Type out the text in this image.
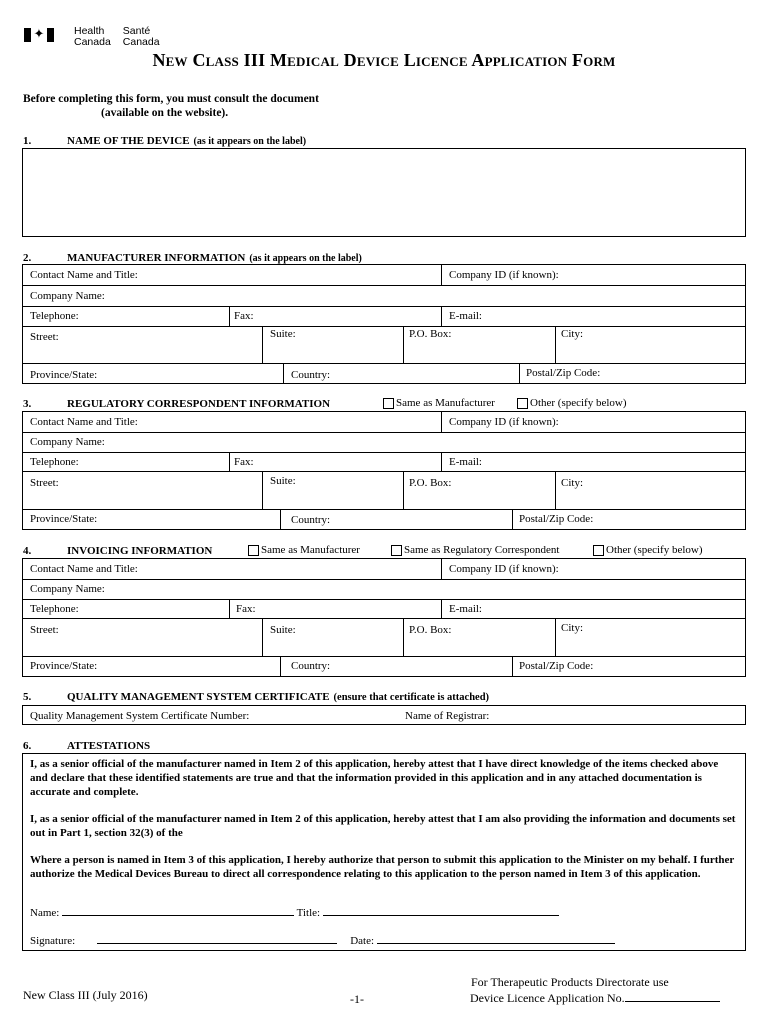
✦	Health
Canada
Santé
Canada
New Class III Medical Device Licence Application Form
Before completing this form, you must consult the document
(available on the website).
1.	NAME OF THE DEVICE (as it appears on the label)
2.	MANUFACTURER INFORMATION (as it appears on the label)
Contact Name and Title:	Company ID (if known):
Company Name:
Telephone:	Fax:	E-mail:
Street:	Suite:	P.O. Box:	City:
Province/State:	Country:	Postal/Zip Code:
3.	REGULATORY CORRESPONDENT INFORMATION	Same as Manufacturer	Other (specify below)
Contact Name and Title:	Company ID (if known):
Company Name:
Telephone:	Fax:	E-mail:
Street:	Suite:	P.O. Box:	City:
Province/State:	Country:	Postal/Zip Code:
4.	INVOICING INFORMATION	Same as Manufacturer	Same as Regulatory Correspondent	Other (specify below)
Contact Name and Title:	Company ID (if known):
Company Name:
Telephone:	Fax:	E-mail:
Street:	Suite:	P.O. Box:	City:
Province/State:	Country:	Postal/Zip Code:
5.	QUALITY MANAGEMENT SYSTEM CERTIFICATE (ensure that certificate is attached)
Quality Management System Certificate Number:	Name of Registrar:
6.	ATTESTATIONS

I, as a senior official of the manufacturer named in Item 2 of this application, hereby attest that I have direct knowledge of the items checked above and declare that these identified statements are true and that the information provided in this application and in any attached documentation is accurate and complete.

I, as a senior official of the manufacturer named in Item 2 of this application, hereby attest that I am also providing the information and documents set out in Part 1, section 32(3) of the

Where a person is named in Item 3 of this application, I hereby authorize that person to submit this application to the Minister on my behalf. I further authorize the Medical Devices Bureau to direct all correspondence relating to this application to the person named in Item 3 of this application.

Name:	Title:
Signature:	Date:
New Class III (July 2016)	-1-
For Therapeutic Products Directorate use
Device Licence Application No.
